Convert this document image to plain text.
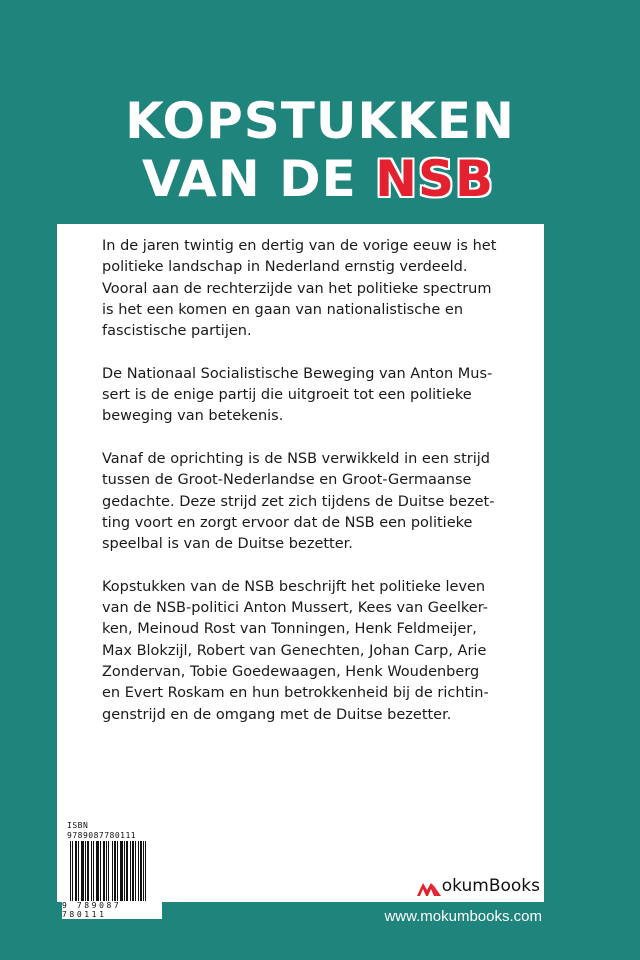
KOPSTUKKEN
VAN DE NSB

In de jaren twintig en dertig van de vorige eeuw is het
politieke landschap in Nederland ernstig verdeeld.
Vooral aan de rechterzijde van het politieke spectrum
is het een komen en gaan van nationalistische en
fascistische partijen.

De Nationaal Socialistische Beweging van Anton Mus-
sert is de enige partij die uitgroeit tot een politieke
beweging van betekenis.

Vanaf de oprichting is de NSB verwikkeld in een strijd
tussen de Groot-Nederlandse en Groot-Germaanse
gedachte. Deze strijd zet zich tijdens de Duitse bezet-
ting voort en zorgt ervoor dat de NSB een politieke
speelbal is van de Duitse bezetter.

Kopstukken van de NSB beschrijft het politieke leven
van de NSB-politici Anton Mussert, Kees van Geelker-
ken, Meinoud Rost van Tonningen, Henk Feldmeijer,
Max Blokzijl, Robert van Genechten, Johan Carp, Arie
Zondervan, Tobie Goedewaagen, Henk Woudenberg
en Evert Roskam en hun betrokkenheid bij de richtin-
genstrijd en de omgang met de Duitse bezetter.

ISBN 9789087780111
9 789087 780111
okumBooks
www.mokumbooks.com
